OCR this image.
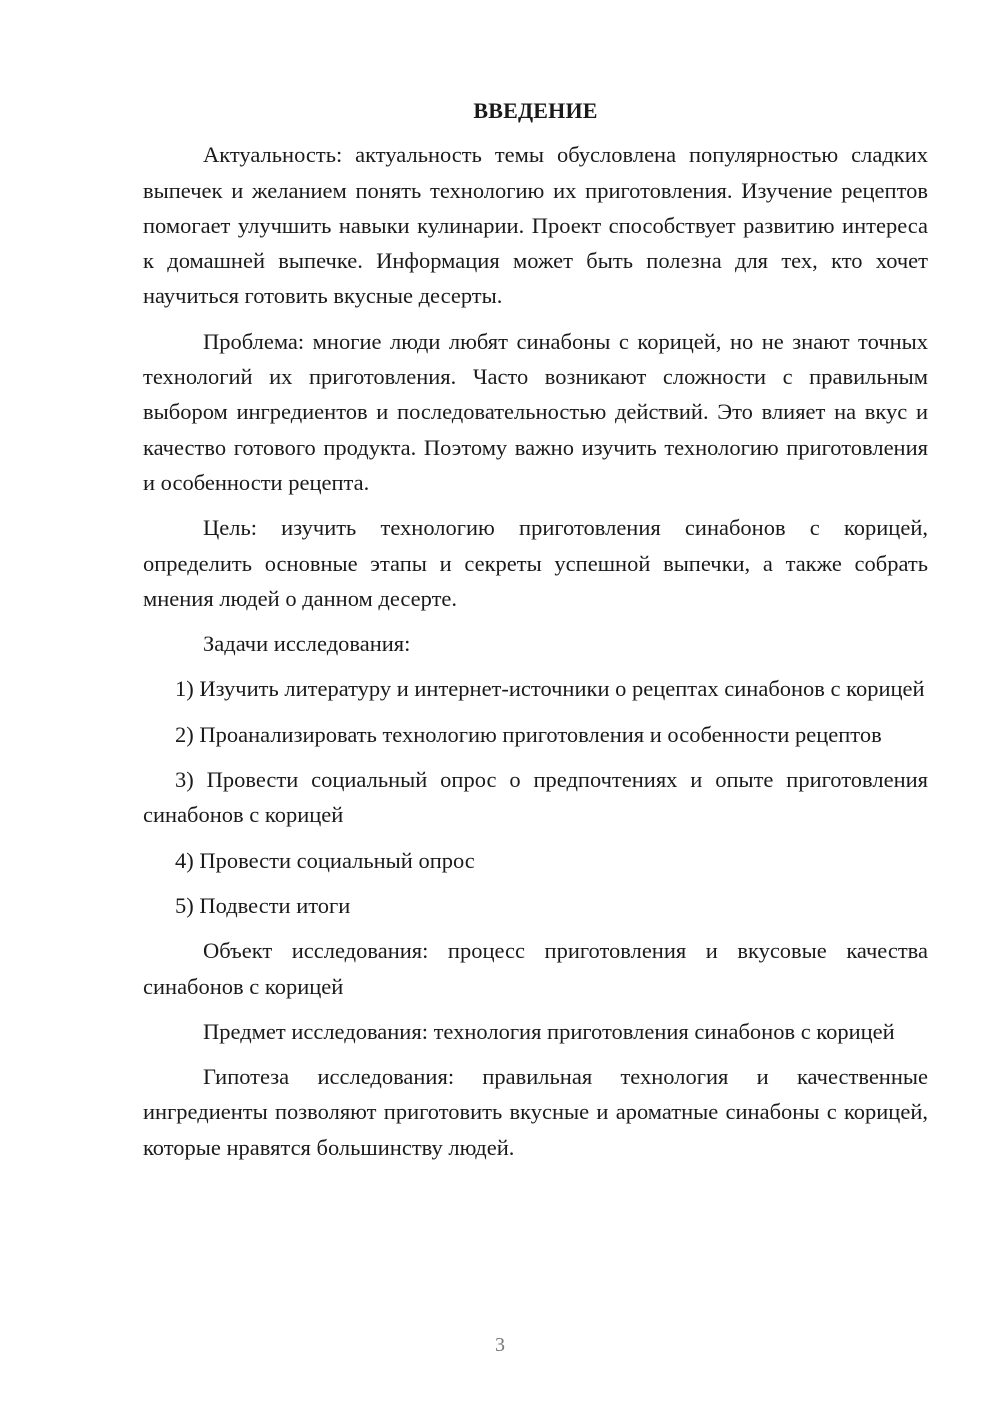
ВВЕДЕНИЕ

Актуальность: актуальность темы обусловлена популярностью сладких выпечек и желанием понять технологию их приготовления. Изучение рецептов помогает улучшить навыки кулинарии. Проект способствует развитию интереса к домашней выпечке. Информация может быть полезна для тех, кто хочет научиться готовить вкусные десерты.

Проблема: многие люди любят синабоны с корицей, но не знают точных технологий их приготовления. Часто возникают сложности с правильным выбором ингредиентов и последовательностью действий. Это влияет на вкус и качество готового продукта. Поэтому важно изучить технологию приготовления и особенности рецепта.

Цель: изучить технологию приготовления синабонов с корицей, определить основные этапы и секреты успешной выпечки, а также собрать мнения людей о данном десерте.

Задачи исследования:

1) Изучить литературу и интернет-источники о рецептах синабонов с корицей

2) Проанализировать технологию приготовления и особенности рецептов

3) Провести социальный опрос о предпочтениях и опыте приготовления синабонов с корицей

4) Провести социальный опрос

5) Подвести итоги

Объект исследования: процесс приготовления и вкусовые качества синабонов с корицей

Предмет исследования: технология приготовления синабонов с корицей

Гипотеза исследования: правильная технология и качественные ингредиенты позволяют приготовить вкусные и ароматные синабоны с корицей, которые нравятся большинству людей.

3
